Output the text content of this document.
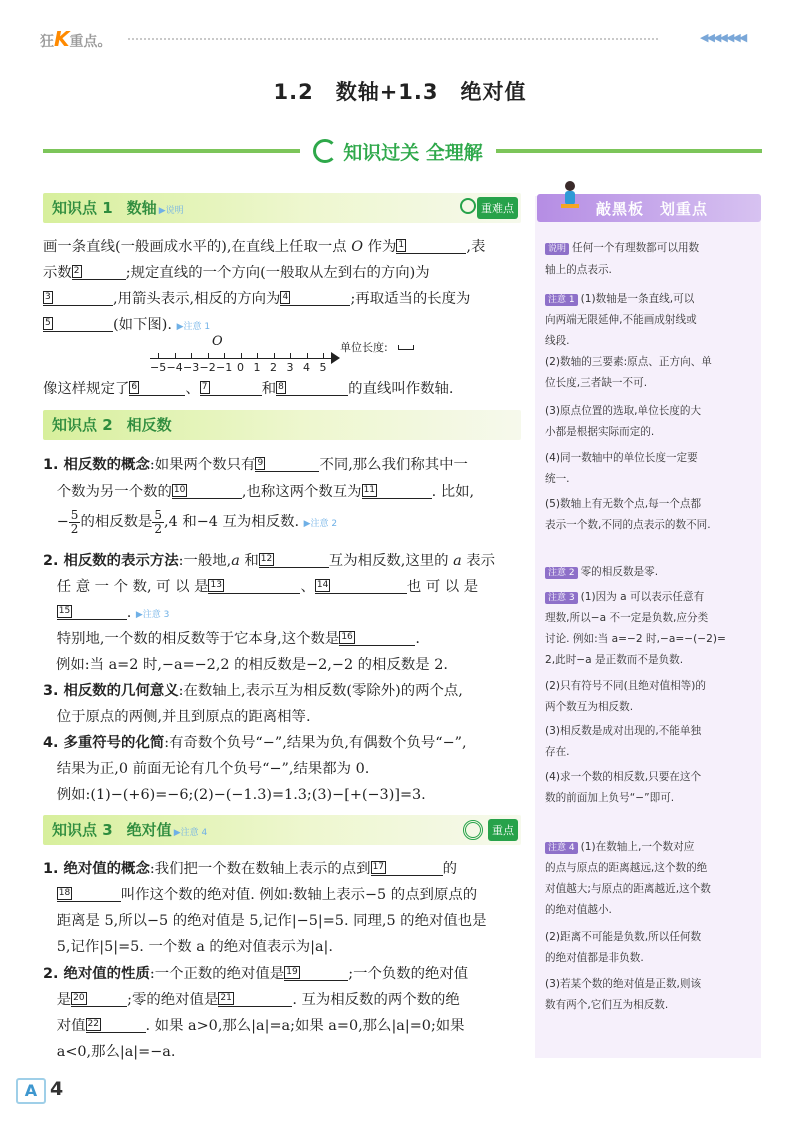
狂K重点。	◀◀◀◀◀◀◀
1.2　数轴+1.3　绝对值
知识过关 全理解
知识点 1 数轴 ▶说明	重难点
画一条直线(一般画成水平的),在直线上任取一点 O 作为 1	,表
示数 2	;规定直线的一个方向(一般取从左到右的方向)为
3	,用箭头表示,相反的方向为 4	;再取适当的长度为
5	(如下图). ▶注意 1
O
−5 −4 −3 −2 −1 0 1 2 3 4 5
单位长度:
像这样规定了 6	、 7	和 8	的直线叫作数轴.
知识点 2 相反数
1. 相反数的概念:如果两个数只有 9	不同,那么我们称其中一
个数为另一个数的 10	,也称这两个数互为 11	. 比如,
− $\frac{5}{2}$的相反数是 $\frac{5}{2},4$ 和−4 互为相反数. ▶注意 2
2. 相反数的表示方法:一般地,a 和 12	互为相反数,这里的 a 表示
任 意 一 个 数, 可 以 是 13	、 14	也 可 以 是

15	. ▶注意 3
特别地,一个数的相反数等于它本身,这个数是 16	.
例如:当 a=2 时,−a=−2,2 的相反数是−2,−2 的相反数是 2.
3. 相反数的几何意义:在数轴上,表示互为相反数(零除外)的两个点,
位于原点的两侧,并且到原点的距离相等.
4. 多重符号的化简:有奇数个负号“−”,结果为负,有偶数个负号“−”,
结果为正,0 前面无论有几个负号“−”,结果都为 0.
例如:(1)−(+6)=−6;(2)−(−1.3)=1.3;(3)−[+(−3)]=3.
知识点 3 绝对值 ▶注意 4	重点
1. 绝对值的概念:我们把一个数在数轴上表示的点到 17	的

18	叫作这个数的绝对值. 例如:数轴上表示−5 的点到原点的
距离是 5,所以−5 的绝对值是 5,记作|−5|=5. 同理,5 的绝对值也是
5,记作|5|=5. 一个数 a 的绝对值表示为|a|.
2. 绝对值的性质:一个正数的绝对值是 19	;一个负数的绝对值
是 20	;零的绝对值是 21	. 互为相反数的两个数的绝
对值 22	. 如果 a>0,那么|a|=a;如果 a=0,那么|a|=0;如果
a<0,那么|a|=−a.
敲黑板　划重点
说明 任何一个有理数都可以用数
轴上的点表示.
注意 1 (1)数轴是一条直线,可以
向两端无限延伸,不能画成射线或
线段.
(2)数轴的三要素:原点、正方向、单
位长度,三者缺一不可.
(3)原点位置的选取,单位长度的大
小都是根据实际而定的.
(4)同一数轴中的单位长度一定要
统一.
(5)数轴上有无数个点,每一个点都
表示一个数,不同的点表示的数不同.
注意 2 零的相反数是零.
注意 3 (1)因为 a 可以表示任意有
理数,所以−a 不一定是负数,应分类
讨论. 例如:当 a=−2 时,−a=−(−2)=
2,此时−a 是正数而不是负数.
(2)只有符号不同(且绝对值相等)的
两个数互为相反数.
(3)相反数是成对出现的,不能单独
存在.
(4)求一个数的相反数,只要在这个
数的前面加上负号“−”即可.
注意 4 (1)在数轴上,一个数对应
的点与原点的距离越远,这个数的绝
对值越大;与原点的距离越近,这个数
的绝对值越小.
(2)距离不可能是负数,所以任何数
的绝对值都是非负数.
(3)若某个数的绝对值是正数,则该
数有两个,它们互为相反数.
A 4
